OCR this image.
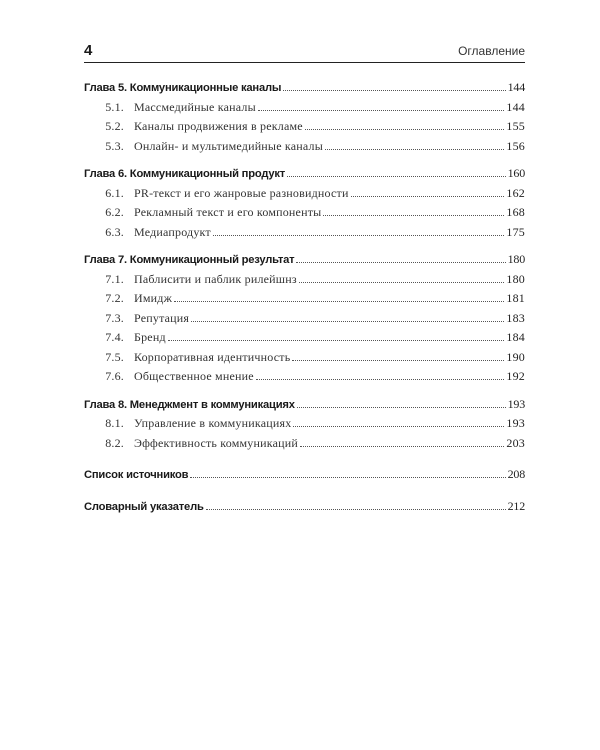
4	Оглавление
Глава 5. Коммуникационные каналы	144
5.1. Массмедийные каналы	144
5.2. Каналы продвижения в рекламе	155
5.3. Онлайн- и мультимедийные каналы	156
Глава 6. Коммуникационный продукт	160
6.1. PR-текст и его жанровые разновидности	162
6.2. Рекламный текст и его компоненты	168
6.3. Медиапродукт	175
Глава 7. Коммуникационный результат	180
7.1. Паблисити и паблик рилейшнз	180
7.2. Имидж	181
7.3. Репутация	183
7.4. Бренд	184
7.5. Корпоративная идентичность	190
7.6. Общественное мнение	192
Глава 8. Менеджмент в коммуникациях	193
8.1. Управление в коммуникациях	193
8.2. Эффективность коммуникаций	203
Список источников	208
Словарный указатель	212
